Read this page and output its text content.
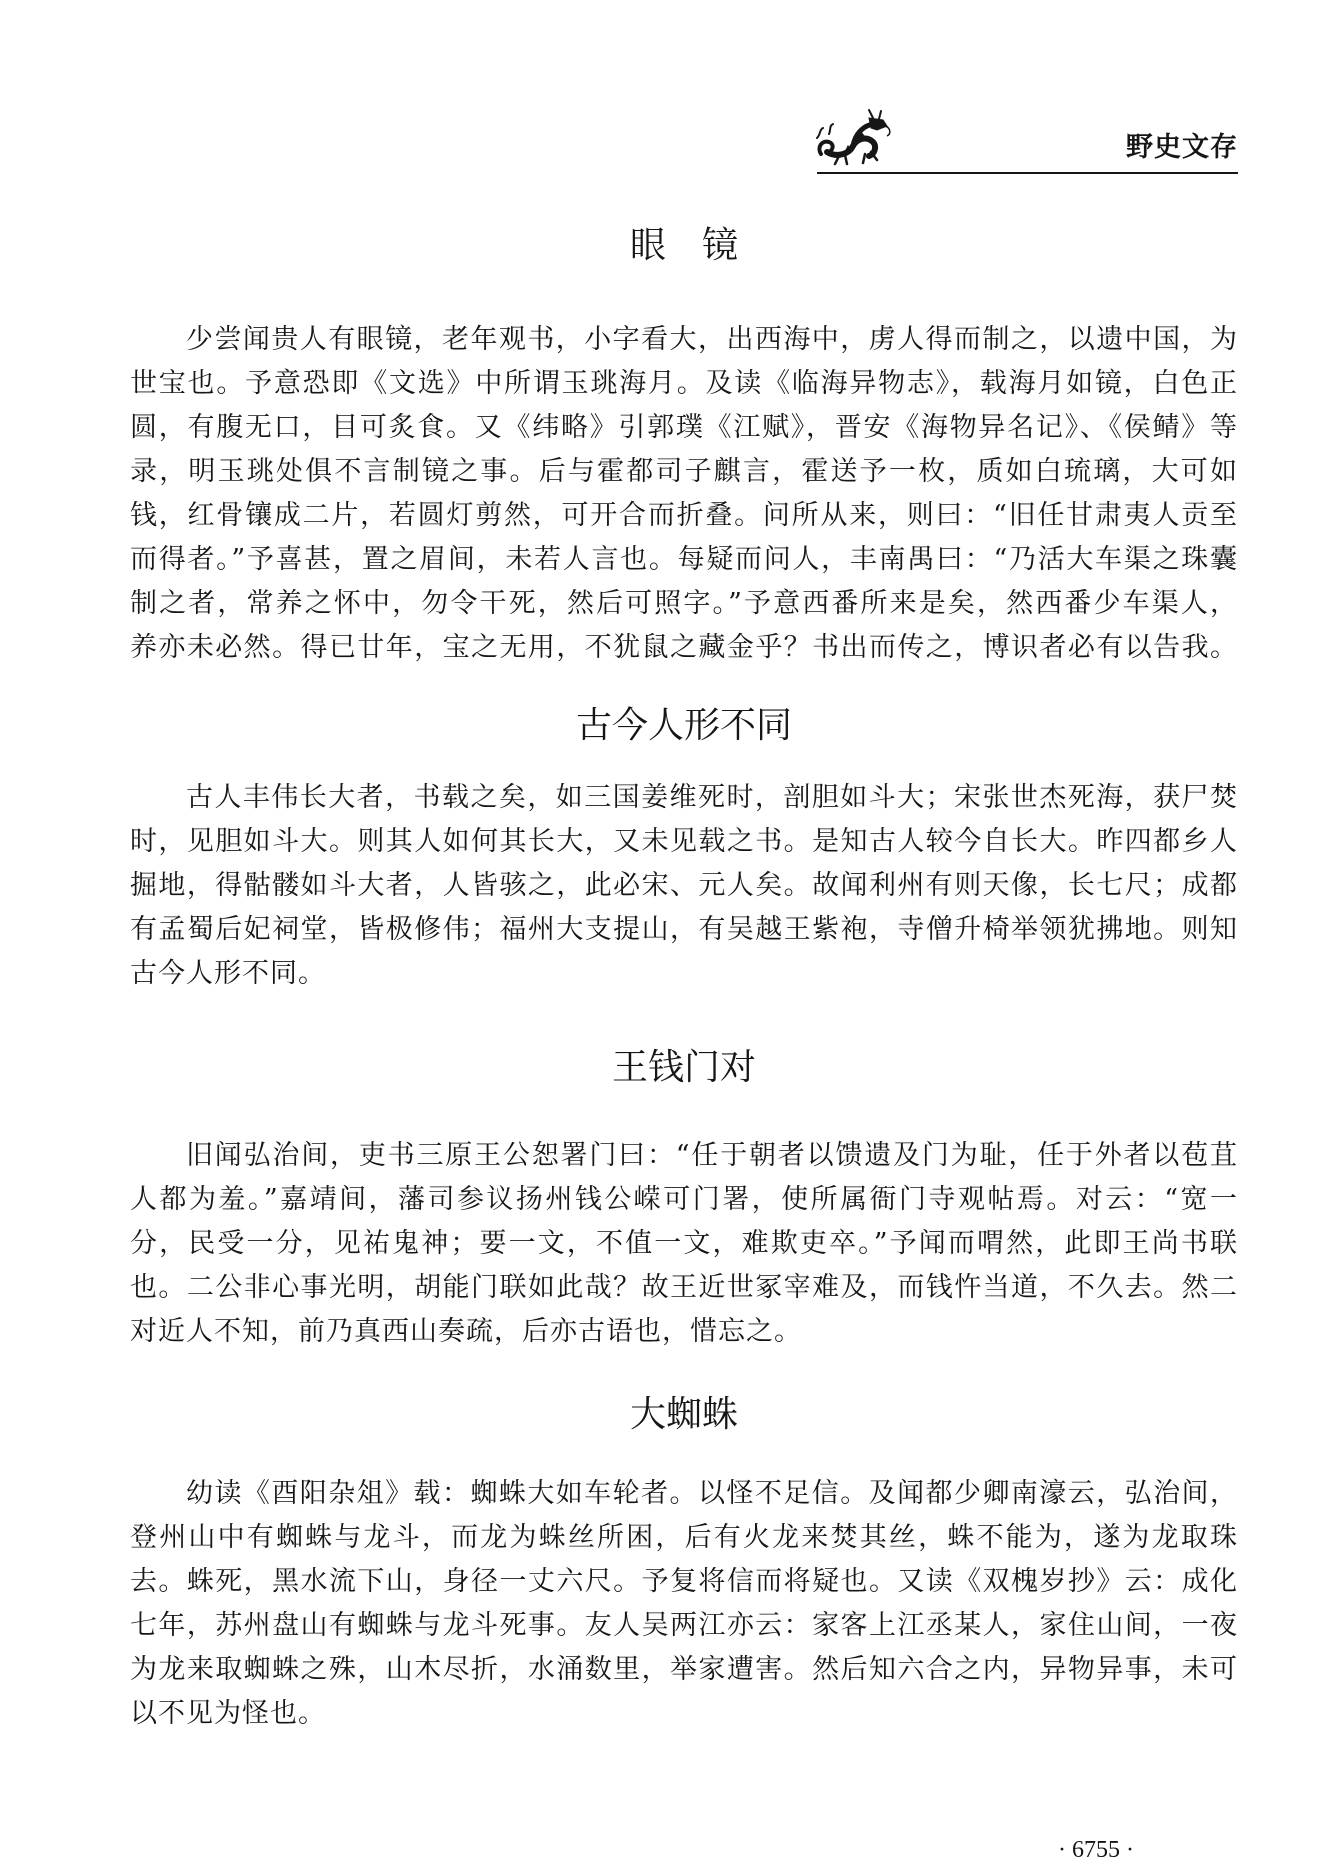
野史文存
眼　镜
少尝闻贵人有眼镜，老年观书，小字看大，出西海中，虏人得而制之，以遗中国，为
世宝也。予意恐即《文选》中所谓玉珧海月。及读《临海异物志》，载海月如镜，白色正
圆，有腹无口，目可炙食。又《纬略》引郭璞《江赋》，晋安《海物异名记》、《侯鲭》等
录，明玉珧处俱不言制镜之事。后与霍都司子麒言，霍送予一枚，质如白琉璃，大可如
钱，红骨镶成二片，若圆灯剪然，可开合而折叠。问所从来，则曰：“旧任甘肃夷人贡至
而得者。”予喜甚，置之眉间，未若人言也。每疑而问人，丰南禺曰：“乃活大车渠之珠囊
制之者，常养之怀中，勿令干死，然后可照字。”予意西番所来是矣，然西番少车渠人，
养亦未必然。得已廿年，宝之无用，不犹鼠之藏金乎？书出而传之，博识者必有以告我。
古今人形不同
古人丰伟长大者，书载之矣，如三国姜维死时，剖胆如斗大；宋张世杰死海，获尸焚
时，见胆如斗大。则其人如何其长大，又未见载之书。是知古人较今自长大。昨四都乡人
掘地，得骷髅如斗大者，人皆骇之，此必宋、元人矣。故闻利州有则天像，长七尺；成都
有孟蜀后妃祠堂，皆极修伟；福州大支提山，有吴越王紫袍，寺僧升椅举领犹拂地。则知
古今人形不同。
王钱门对
旧闻弘治间，吏书三原王公恕署门曰：“任于朝者以馈遗及门为耻，任于外者以苞苴
人都为羞。”嘉靖间，藩司参议扬州钱公嵘可门署，使所属衙门寺观帖焉。对云：“宽一
分，民受一分，见祐鬼神；要一文，不值一文，难欺吏卒。”予闻而喟然，此即王尚书联
也。二公非心事光明，胡能门联如此哉？故王近世冢宰难及，而钱忤当道，不久去。然二
对近人不知，前乃真西山奏疏，后亦古语也，惜忘之。
大蜘蛛
幼读《酉阳杂俎》载：蜘蛛大如车轮者。以怪不足信。及闻都少卿南濠云，弘治间，
登州山中有蜘蛛与龙斗，而龙为蛛丝所困，后有火龙来焚其丝，蛛不能为，遂为龙取珠
去。蛛死，黑水流下山，身径一丈六尺。予复将信而将疑也。又读《双槐岁抄》云：成化
七年，苏州盘山有蜘蛛与龙斗死事。友人吴两江亦云：家客上江丞某人，家住山间，一夜
为龙来取蜘蛛之殊，山木尽折，水涌数里，举家遭害。然后知六合之内，异物异事，未可
以不见为怪也。
· 6755 ·
